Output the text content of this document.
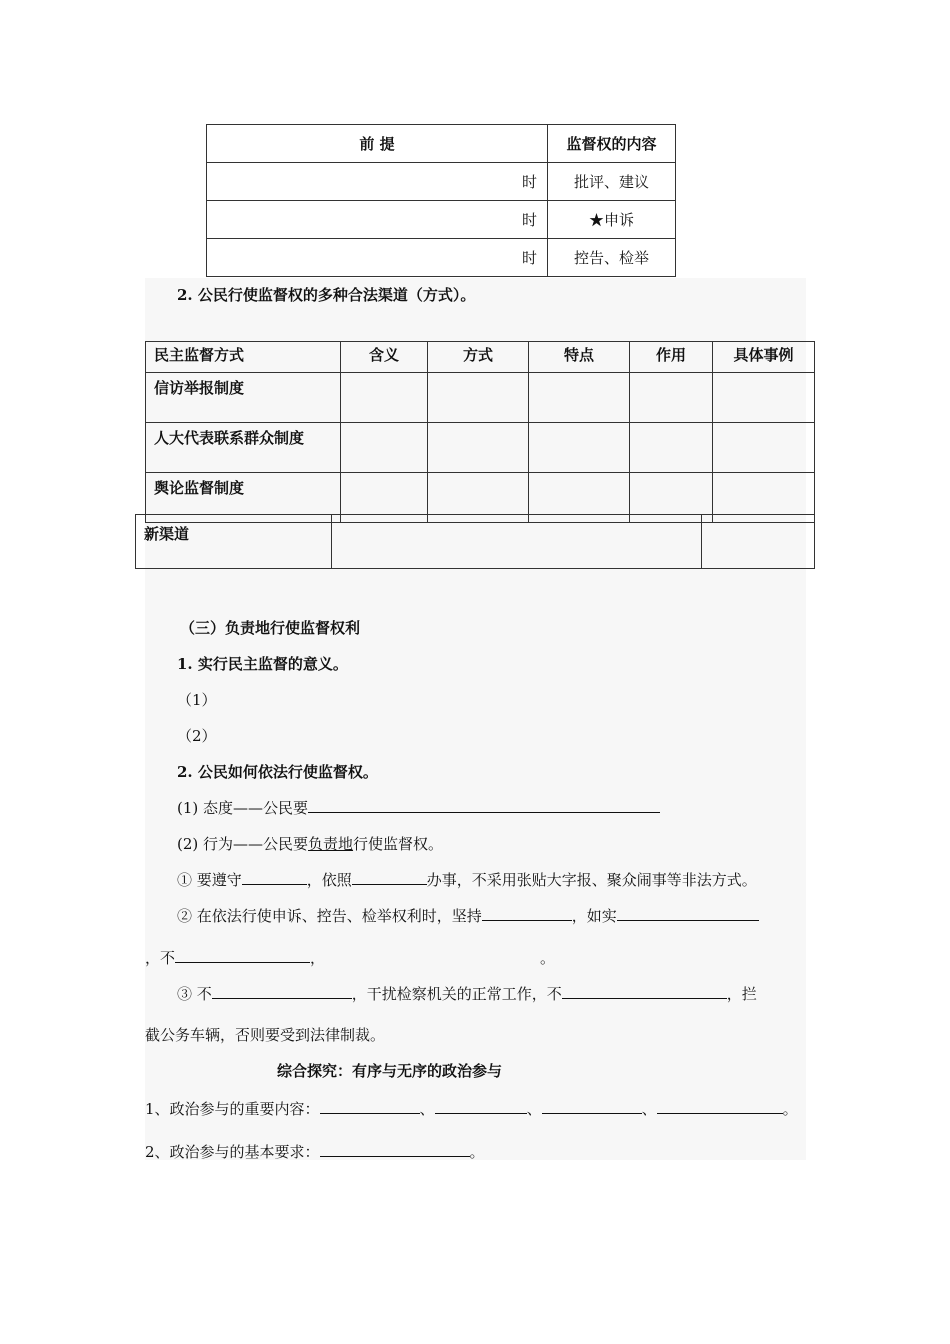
前 提	监督权的内容
时	批评、建议
时	★申诉
时	控告、检举
2. 公民行使监督权的多种合法渠道（方式）。
民主监督方式	含义	方式	特点	作用	具体事例
信访举报制度					
人大代表联系群众制度					
舆论监督制度					
新渠道		
（三）负责地行使监督权利
1. 实行民主监督的意义。
（1）
（2）
2. 公民如何依法行使监督权。
(1) 态度——公民要
(2) 行为——公民要负责地行使监督权。
① 要遵守	，依照	办事，不采用张贴大字报、聚众闹事等非法方式。
② 在依法行使申诉、控告、检举权利时，坚持	，如实
，不	，	。
③ 不	，干扰检察机关的正常工作，不	，拦
截公务车辆，否则要受到法律制裁。
综合探究：有序与无序的政治参与
1、政治参与的重要内容：	、	、	、	。
2、政治参与的基本要求：	。
